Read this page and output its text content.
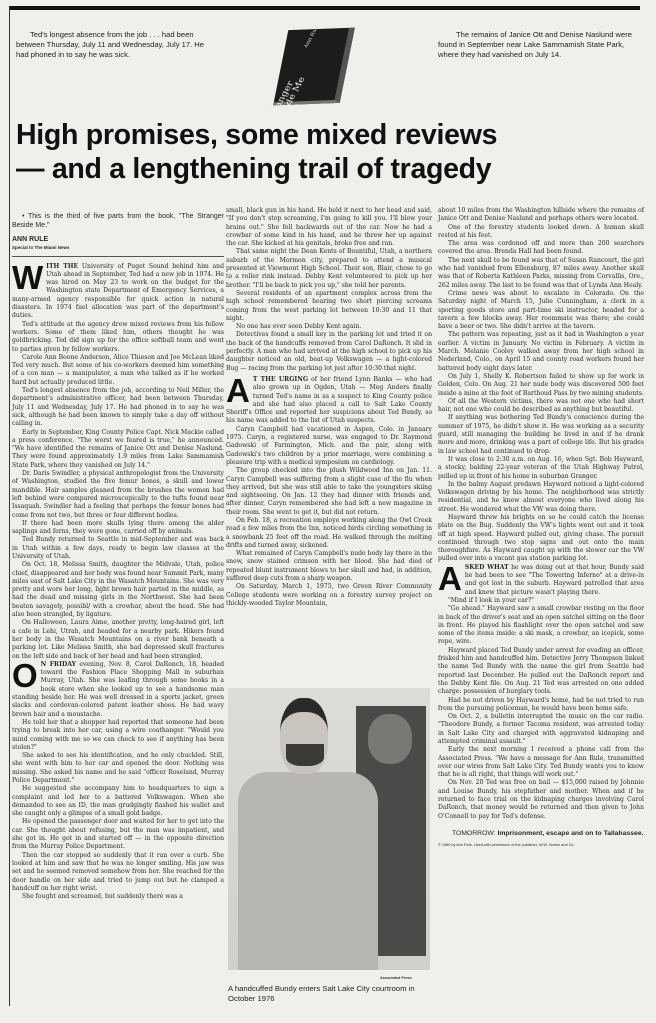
Ted's longest absence from the job . . . had been between Thursday, July 11 and Wednesday, July 17. He had phoned in to say he was sick.
Ann Rule
The Stranger Beside Me
The remains of Janice Ott and Denise Naslund were found in September near Lake Sammamish State Park, where they had vanished on July 14.
High promises, some mixed reviews
— and a lengthening trail of tragedy
• This is the third of five parts from the book, "The Stranger Beside Me."
ANN RULE
Special to The Miami News

WITH THE University of Puget Sound behind him and Utah ahead in September, Ted had a new job in 1974. He was hired on May 23 to work on the budget for the Washington state Department of Emergency Services, a many-armed agency responsible for quick action in natural disasters. In 1974 fuel allocation was part of the department's duties.

Ted's attitude at the agency drew mixed reviews from his fellow workers. Some of them liked him, others thought he was goldbricking. Ted did sign up for the office softball team and went to parties given by fellow workers.

Carole Ann Boone Anderson, Alice Thieson and Joe McLean liked Ted very much. But some of his co-workers deemed him something of a con man — a manipulator, a man who talked as if he worked hard but actually produced little.

Ted's longest absence from the job, according to Neil Miller, the department's administrative officer, had been between Thursday, July 11 and Wednesday, July 17. He had phoned in to say he was sick, although he had been known to simply take a day off without calling in.

Early in September, King County Police Capt. Nick Mackie called a press conference. "The worst we feared is true," he announced. "We have identified the remains of Janice Ott and Denise Naslund. They were found approximately 1.9 miles from Lake Sammamish State Park, where they vanished on July 14."

Dr. Daris Swindler, a physical anthropologist from the University of Washington, studied the five femur bones, a skull and lower mandible. Hair samples gleaned from the brushes the women had left behind were compared microscopically to the tufts found near Issaquah. Swindler had a feeling that perhaps the femur bones had come from not two, but three or four different bodies.

If there had been more skulls lying there among the alder saplings and ferns, they were gone, carried off by animals.

Ted Bundy returned to Seattle in mid-September and was back in Utah within a few days, ready to begin law classes at the University of Utah.

On Oct. 18, Melissa Smith, daughter the Midvale, Utah, police chief, disappeared and her body was found near Summit Park, many miles east of Salt Lake City in the Wasatch Mountains. She was very pretty and wore her long, light brown hair parted in the middle, as had the dead and missing girls in the Northwest. She had been beaten savagely, possibl/ with a crowbar, about the head. She had also been strangled, by ligature.

On Halloween, Laura Aime, another pretty, long-haired girl, left a cafe in Lehi, Utrah, and headed for a nearby park. Hikers found her body in the Wasatch Mountains on a river bank beneath a parking lot. Like Melissa Smith, she had depressed skull fractures on the left side and back of her head and had been strangled.

O N FRIDAY evening, Nov. 8, Carol DaRonch, 18, headed toward the Fashion Place Shopping Mall in suburban Murray, Utah. She was leafing through some books in a book store when she looked up to see a handsome man standing beside her. He was well dressed in a sports jacket, green slacks and cordovan-colored patent leather shoes. He had wavy brown hair and a moustache.

He told her that a shopper had reported that someone had been trying to break into her car, using a wire coathanger. "Would you mind coming with me so we can check to see if anything has been stolen?"

She asked to see his identification, and he only chuckled. Still, she went with him to her car and opened the door. Nothing was missing. She asked his name and he said "officer Roseland, Murray Police Department."

He suggested she accompany him to headquarters to sign a complaint and led her to a battered Volkswagen. When she demanded to see an ID, the man grudgingly flashed his wallet and she caught only a glimpse of a small gold badge.

He opened the passenger door and waited for her to get into the car. She thought about refusing, but the man was impatient, and she got in. He got in and started off — in the opposite direction from the Murray Police Department.

Then the car stopped so suddenly that it ran over a curb. She looked at him and saw that he was no longer smiling. His jaw was set and he seemed removed somehow from her. She reached for the door handle on her side and tried to jump out but he clamped a handcuff on her right wrist.

She fought and screamed, but suddenly there was a

small, black gun in his hand. He held it next to her head and said, "If you don't stop screaming, I'm going to kill you. I'll blow your brains out." She fell backwards out of the car. Now he had a crowbar of some kind in his hand, and he threw her up against the car. She kicked at his genitals, broke free and ran.

That same night the Dean Kents of Bountiful, Utah, a northern suburb of the Mormon city, prepared to attend a musical presented at Viewmont High School. Their son, Blair, chose to go to a roller rink instead. Debby Kent volunteered to pick up her brother. "I'll be back to pick you up," she told her parents.

Several residents of an apartment complex across from the high school remembered hearing two short piercing screams coming from the west parking lot between 10:30 and 11 that night.

No one has ever seen Debby Kent again.

Detectives found a small key in the parking lot and tried it on the back of the handcuffs removed from Carol DaRonch. It slid in perfectly. A man who had arrived at the high school to pick up his daughter noticed an old, beat-up Volkswagen — a light-colored Bug — racing from the parking lot just after 10:30 that night.

A T THE URGING of her friend Lynn Banks — who had also grown up in Ogden, Utah — Meg Anders finally turned Ted's name in as a suspect to King County police and she had also placed a call to Salt Lake County Sheriff's Office and reported her suspicions about Ted Bundy, so his name was added to the list of Utah suspects.

Caryn Campbell had vacationed in Aspen, Colo. in January 1975. Caryn, a registered nurse, was engaged to Dr. Raymond Gadowski of Farmington, Mich. and the pair, along with Gadowski's two children by a prior marriage, were combining a pleasure trip with a medical symposium on cardiology.

The group checked into the plush Wildwood Inn on Jan. 11. Caryn Campbell was suffering from a slight case of the flu when they arrived, but she was still able to take the youngsters skiing and sightseeing. On Jan. 12 they had dinner with friends and, after dinner, Caryn remembered she had left a new magazine in their room. She went to get it, but did not return.

On Feb. 18, a recreation employe working along the Owl Creek road a few miles from the Inn, noticed birds circling something in a snowbank 25 feet off the road. He walked through the melting drifts and turned away, sickened.

What remained of Caryn Campbell's nude body lay there in the snow, snow stained crimson with her blood. She had died of repeated blunt instrument blows to her skull and had, in addition, suffered deep cuts from a sharp weapon.

On Saturday, March 1, 1975, two Green River Community College students were working on a forestry survey project on thickly-wooded Taylor Mountain,

Associated Press
A handcuffed Bundy enters Salt Lake City courtroom in October 1976

about 10 miles from the Washington hillside where the remains of Janice Ott and Denise Naslund and perhaps others were located.

One of the forestry students looked down. A human skull rested at his feet.

The area was cordoned off and more than 200 searchers covered the area. Brenda Hall had been found.

The next skull to be found was that of Susan Rancourt, the girl who had vanished from Ellensburg, 87 miles away. Another skull was that of Roberta Kathleen Parks, missing from Corvallis, Ore., 262 miles away. The last to be found was that of Lynda Ann Healy.

Crime news was about to escalate in Colorado. On the Saturday night of March 15, Julie Cunningham, a clerk in a sporting goods store and part-time ski instructor, headed for a tavern a few blocks away. Her roommate was there; she could have a beer or two. She didn't arrive at the tavern.

The pattern was repeating, just as it had in Washington a year earlier. A victim in January. No victim in February. A victim in March. Melanie Cooley walked away from her high school in Nederland, Colo., on April 15 and county road workers found her battered body eight days later.

On July 1, Shelly K. Robertson failed to show up for work in Golden, Colo. On Aug. 21 her nude body was discovered 500 feet inside a mine at the foot of Barthoud Pass by two mining students.

Of all the Western victims, there was not one who had short hair, not one who could be described as anything but beautiful.

If anything was bothering Ted Bundy's conscience during the summer of 1975, he didn't show it. He was working as a security guard, still managing the building he lived in and if he drank more and more, drinking was a part of college life. But his grades in law school had continued to drop.

It was close to 2:30 a.m. on Aug. 16, when Sgt. Bob Hayward, a stocky, balding 22-year veteran of the Utah Highway Patrol, pulled up in front of his home in suburban Granger.

In the balmy August predawn Hayward noticed a light-colored Volkswagen driving by his home. The neighborhood was strictly residential, and he knew almost everyone who lived along his street. He wondered what the VW was doing there.

Hayward threw his brights on so he could catch the license plate on the Bug. Suddenly the VW's lights went out and it took off at high speed. Hayward pulled out, giving chase. The pursuit continued through two stop signs and out onto the main thoroughfare. As Hayward caught up with the slower car the VW pulled over into a vacant gas station parking lot.

ASKED WHAT he was doing out at that hour, Bundy said he had been to see "The Towering Inferno" at a drive-in and got lost in the suburb. Hayward patrolled that area and knew that picture wasn't playing there.

"Mind if I look in your car?"

"Go ahead." Hayward saw a small crowbar resting on the floor in back of the driver's seat and an open satchel sitting on the floor in front. He played his flashlight over the open satchel and saw some of the items inside: a ski mask, a crowbar, an icepick, some rope, wire.

Hayward placed Ted Bundy under arrest for evading an officer, frisked him and handcuffed him. Detective Jerry Thompson linked the name Ted Bundy with the name the girl from Seattle had reported last December. He pulled out the DaRonch report and the Debby Kent file. On Aug. 21 Ted was arrested on one added charge: possession of burglary tools.

Had he not driven by Hayward's home, had he not tried to run from the pursuing policeman, he would have been home safe.

On Oct. 2, a bulletin interrupted the music on the car radio. "Theodore Bundy, a former Tacoma resident, was arrested today in Salt Lake City and charged with aggravated kidnaping and attempted criminal assault."

Early the next morning I received a phone call from the Associated Press. "We have a message for Ann Rule, transmitted over our wires from Salt Lake City. Ted Bundy wants you to know that he is all right, that things will work out."

On Nov. 20 Ted was free on bail — $15,000 raised by Johnnie and Louise Bundy, his stepfather and mother. When and if he returned to face trial on the kidnaping charges involving Carol DaRonch, that money would be returned and then given to John O'Connell to pay for Ted's defense.

TOMORROW: Imprisonment, escape and on to Tallahassee.
© 1980 by Ann Rule. Used with permission of the publisher, W.W. Norton and Co.
